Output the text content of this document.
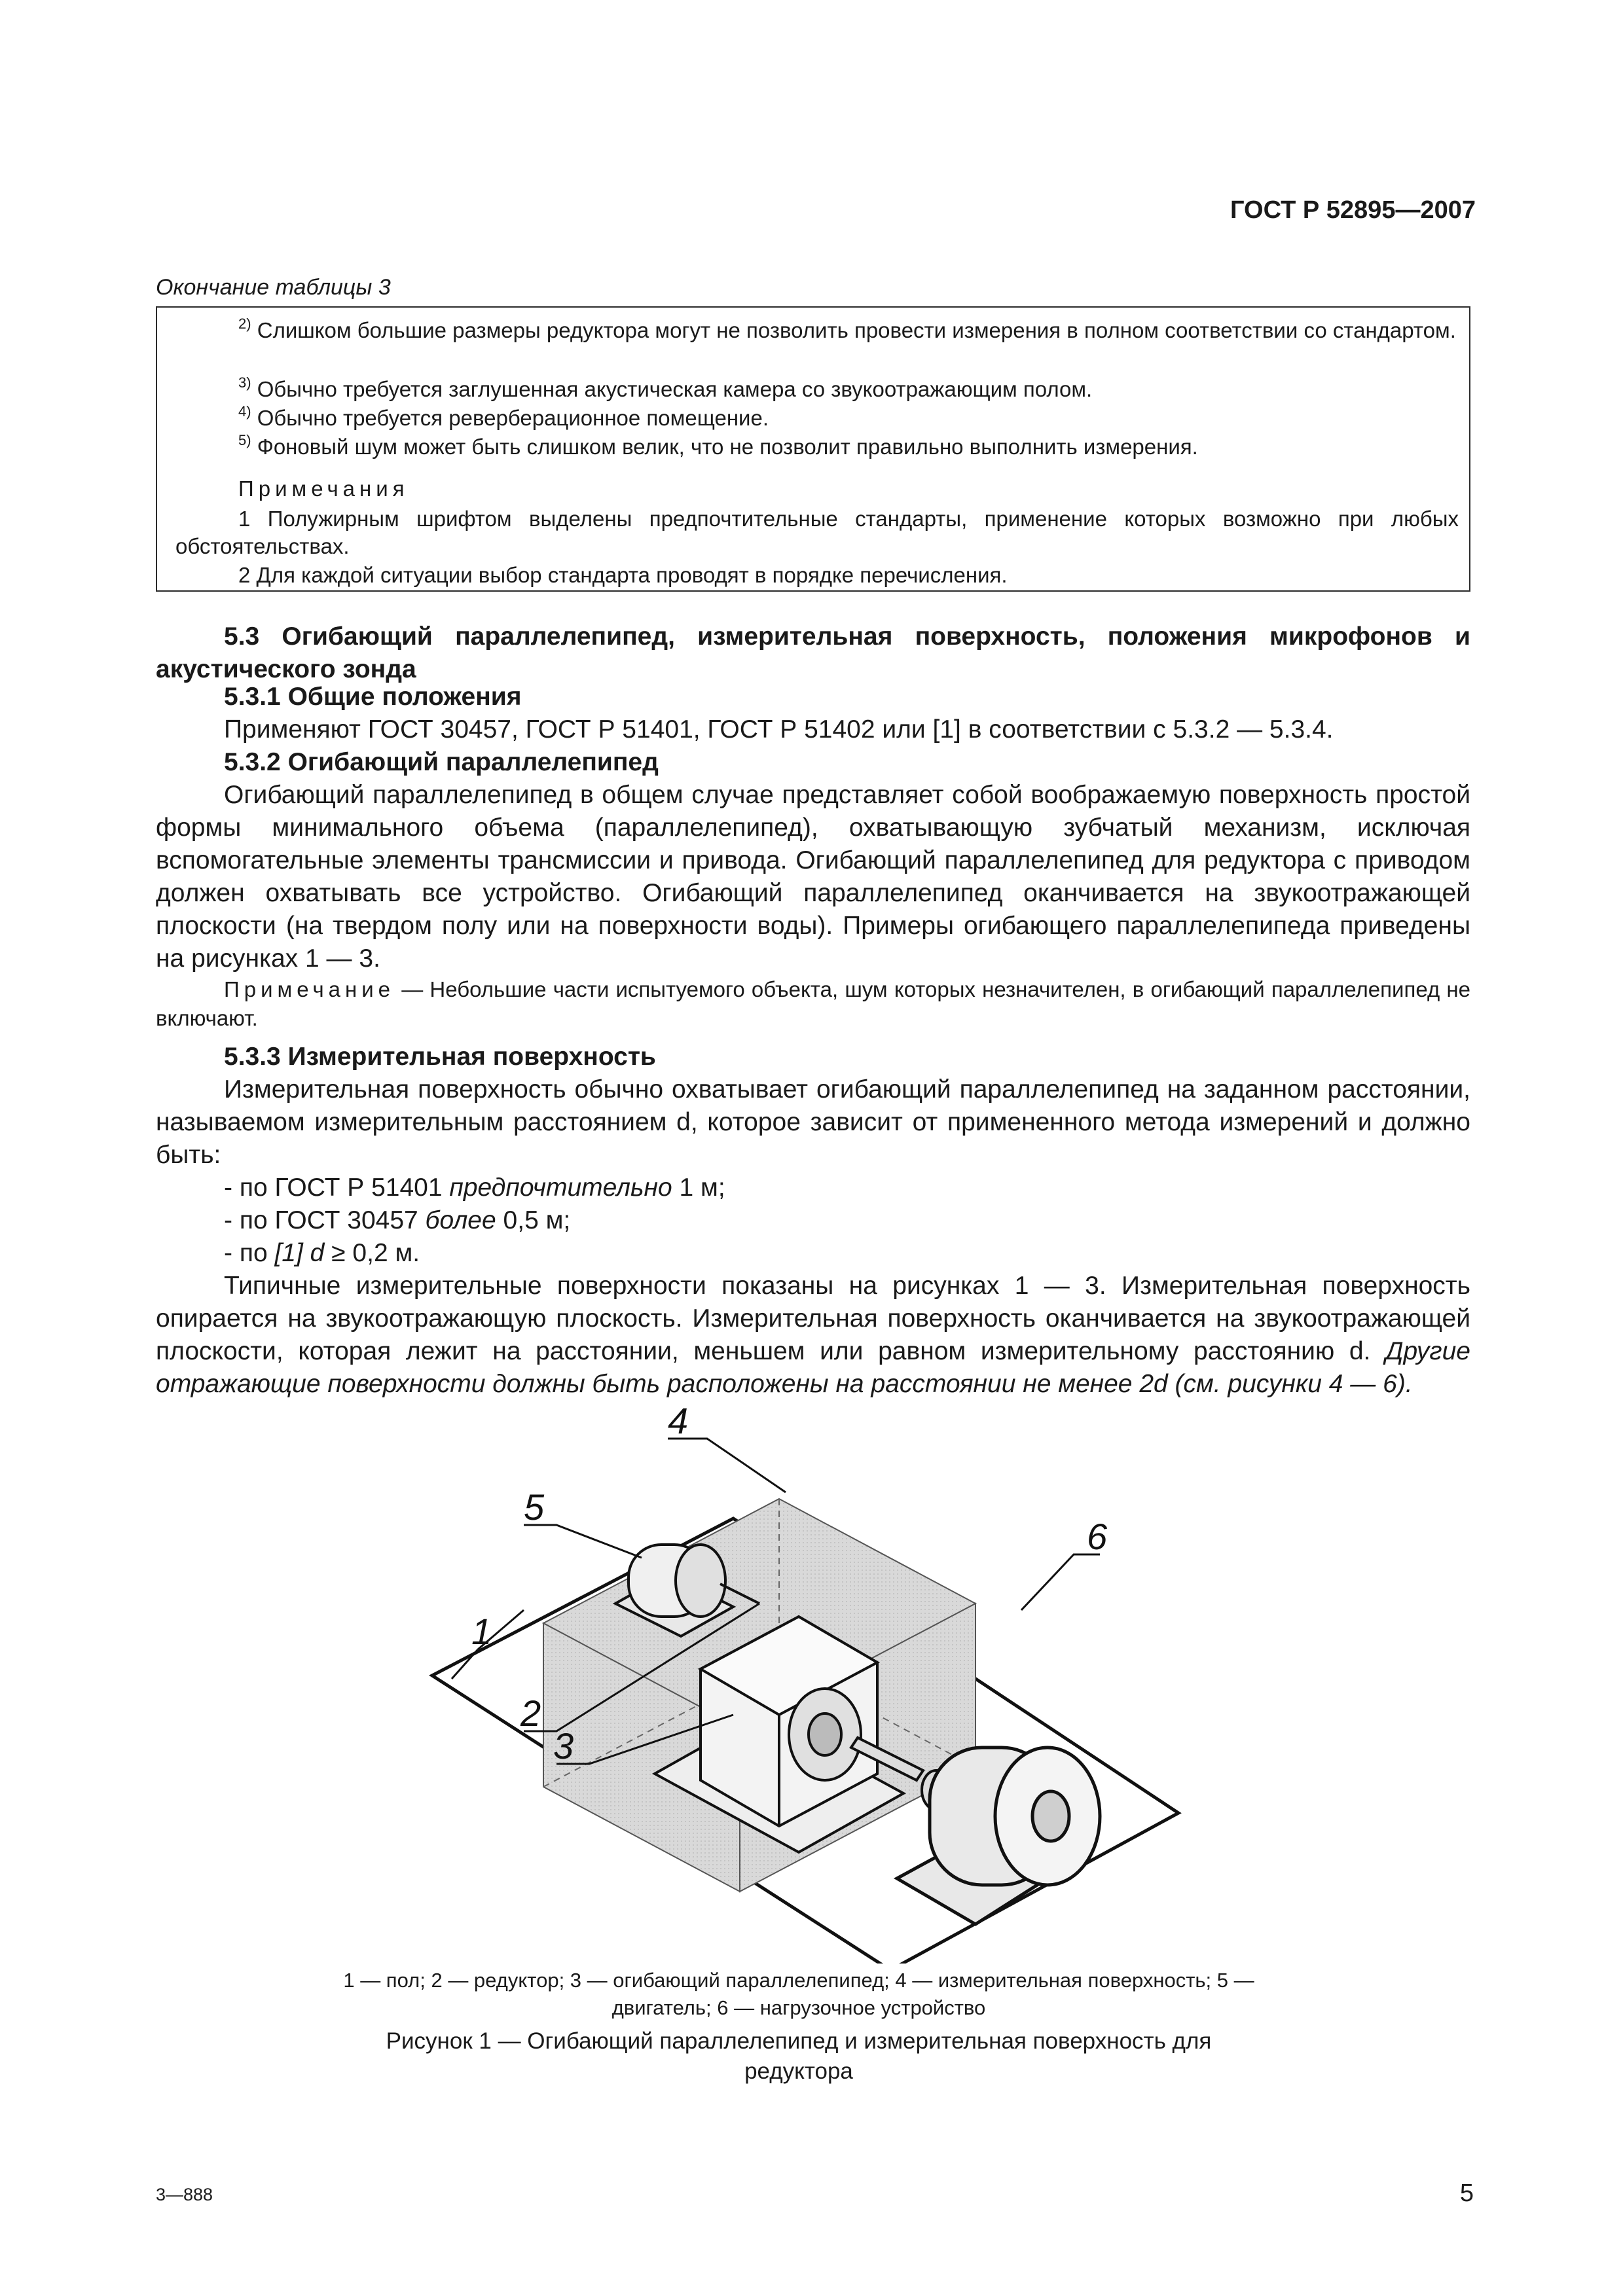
ГОСТ Р 52895—2007
Окончание таблицы 3
$^{2)}$ Слишком большие размеры редуктора могут не позволить провести измерения в полном соответствии со стандартом.
$^{3)}$ Обычно требуется заглушенная акустическая камера со звукоотражающим полом.
$^{4)}$ Обычно требуется реверберационное помещение.
$^{5)}$ Фоновый шум может быть слишком велик, что не позволит правильно выполнить измерения.
Примечания
1 Полужирным шрифтом выделены предпочтительные стандарты, применение которых возможно при любых обстоятельствах.
2 Для каждой ситуации выбор стандарта проводят в порядке перечисления.
5.3 Огибающий параллелепипед, измерительная поверхность, положения микрофонов и акустического зонда
5.3.1 Общие положения
Применяют ГОСТ 30457, ГОСТ Р 51401, ГОСТ Р 51402 или [1] в соответствии с 5.3.2 — 5.3.4.
5.3.2 Огибающий параллелепипед
Огибающий параллелепипед в общем случае представляет собой воображаемую поверхность простой формы минимального объема (параллелепипед), охватывающую зубчатый механизм, исключая вспомогательные элементы трансмиссии и привода. Огибающий параллелепипед для редуктора с приводом должен охватывать все устройство. Огибающий параллелепипед оканчивается на звукоотражающей плоскости (на твердом полу или на поверхности воды). Примеры огибающего параллелепипеда приведены на рисунках 1 — 3.
Примечание — Небольшие части испытуемого объекта, шум которых незначителен, в огибающий параллелепипед не включают.
5.3.3 Измерительная поверхность
Измерительная поверхность обычно охватывает огибающий параллелепипед на заданном расстоянии, называемом измерительным расстоянием d, которое зависит от примененного метода измерений и должно быть:
- по ГОСТ Р 51401 предпочтительно 1 м;
- по ГОСТ 30457 более 0,5 м;
- по [1] d ≥ 0,2 м.
Типичные измерительные поверхности показаны на рисунках 1 — 3. Измерительная поверхность опирается на звукоотражающую плоскость. Измерительная поверхность оканчивается на звукоотражающей плоскости, которая лежит на расстоянии, меньшем или равном измерительному расстоянию d. Другие отражающие поверхности должны быть расположены на расстоянии не менее 2d (см. рисунки 4 — 6).
4
5
6
1
2
3
1 — пол; 2 — редуктор; 3 — огибающий параллелепипед; 4 — измерительная поверхность; 5 — двигатель; 6 — нагрузочное устройство
Рисунок 1 — Огибающий параллелепипед и измерительная поверхность для редуктора
3—888	5
